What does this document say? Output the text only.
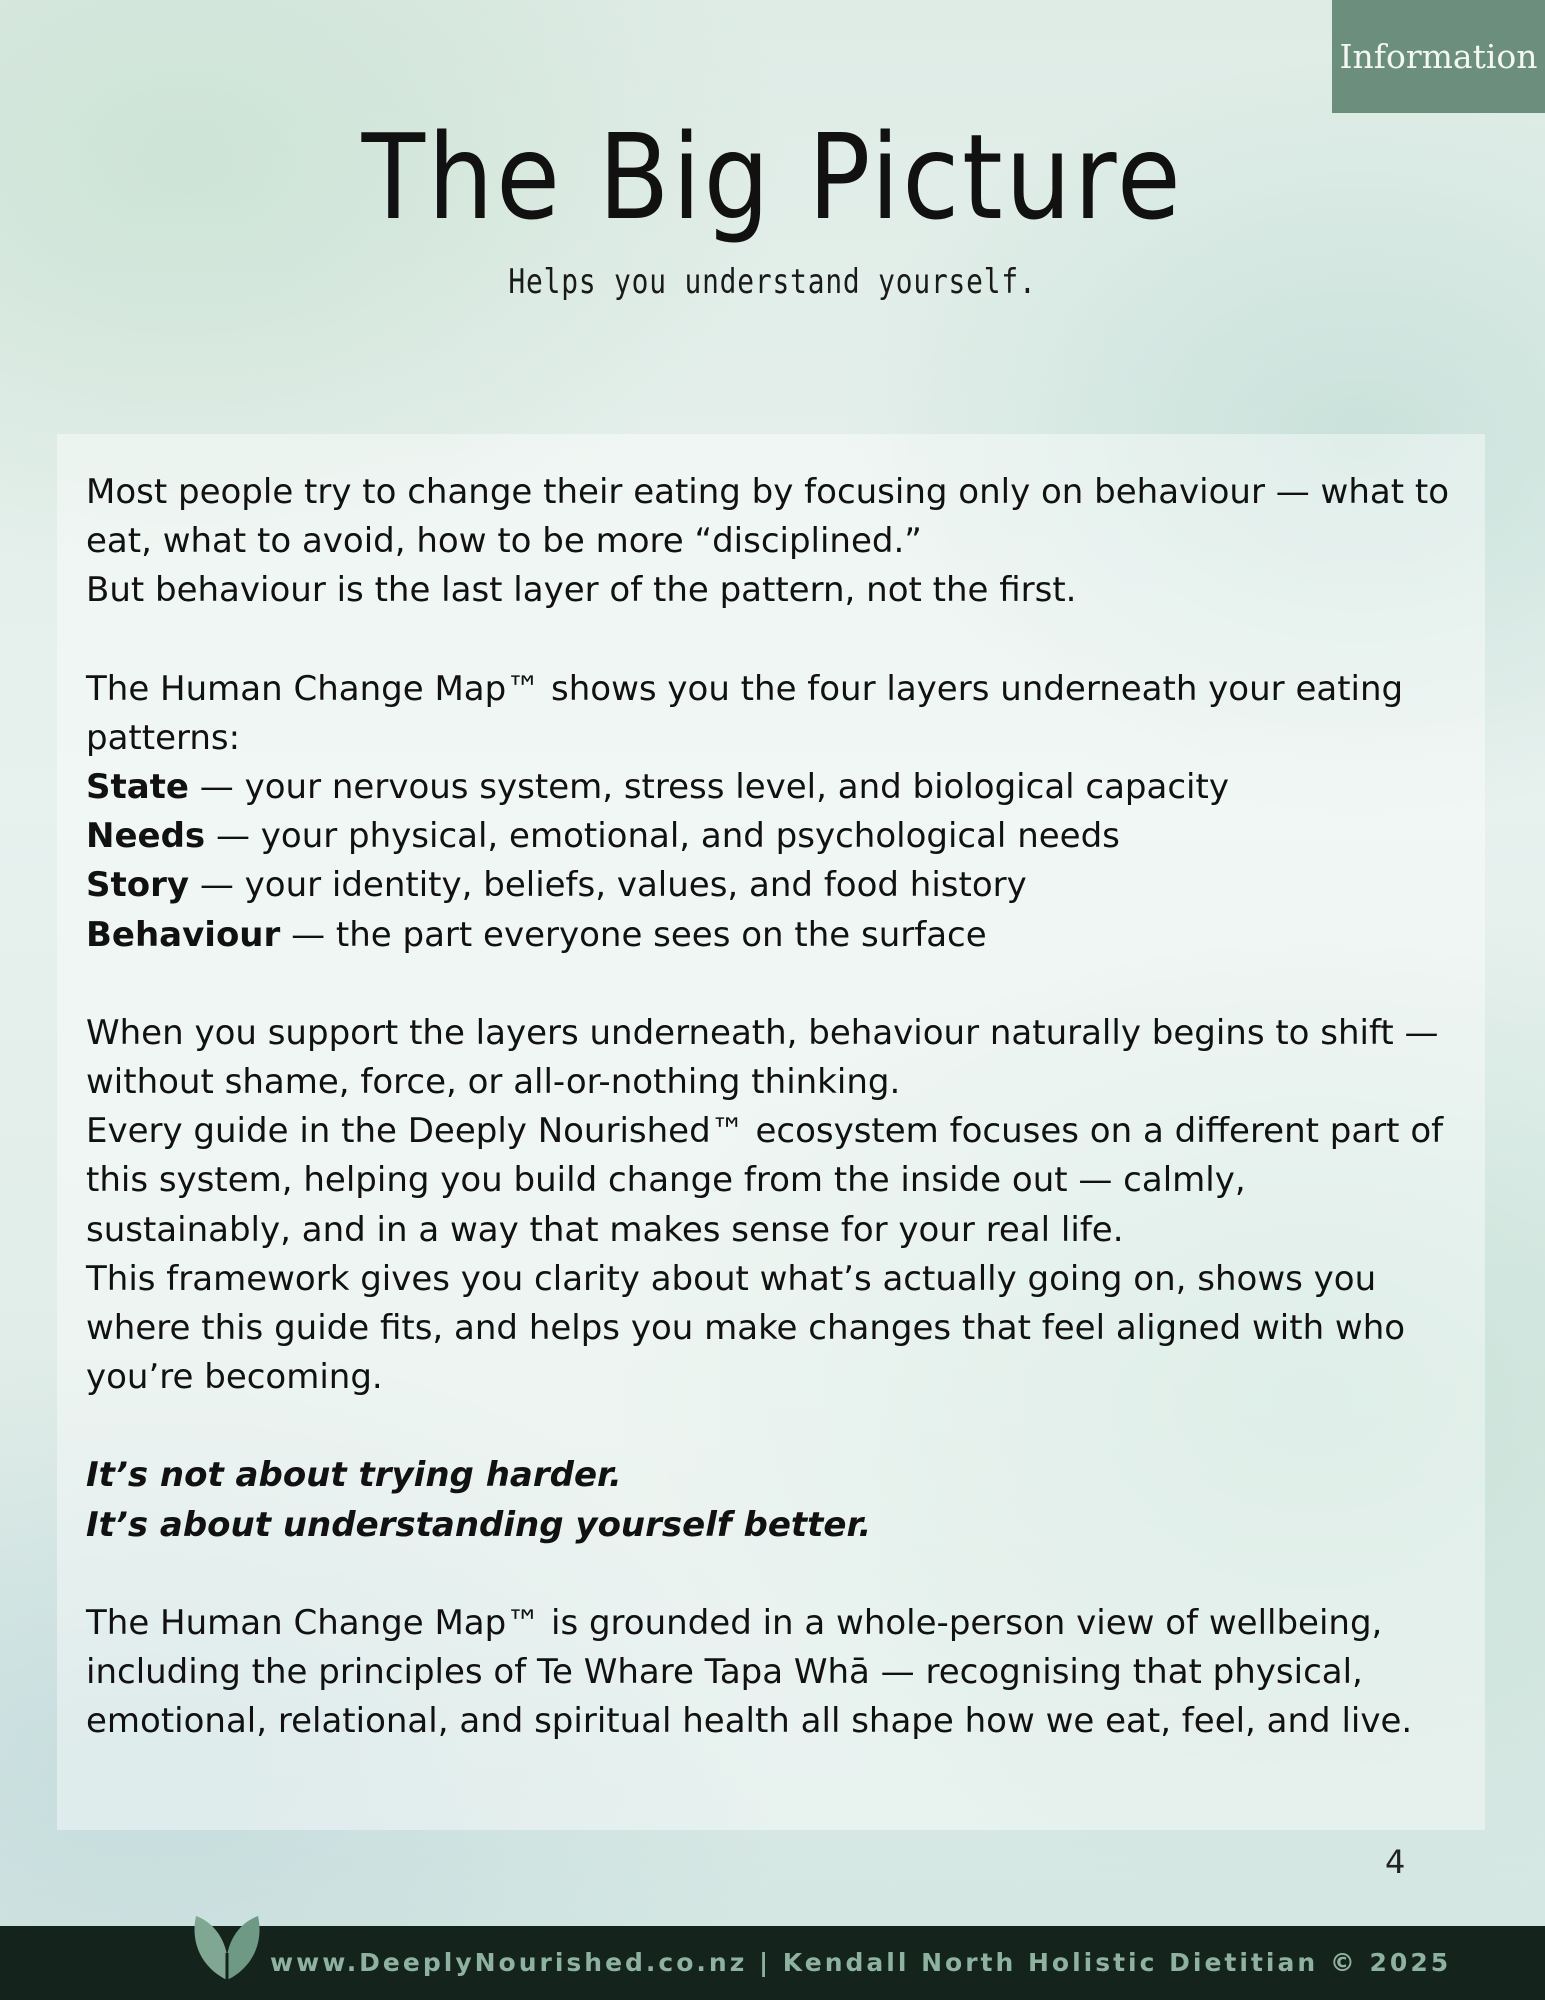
Information
The Big Picture
Helps you understand yourself.

Most people try to change their eating by focusing only on behaviour — what to

eat, what to avoid, how to be more “disciplined.”

But behaviour is the last layer of the pattern, not the first.

The Human Change Map™ shows you the four layers underneath your eating

patterns:

State — your nervous system, stress level, and biological capacity

Needs — your physical, emotional, and psychological needs

Story — your identity, beliefs, values, and food history

Behaviour — the part everyone sees on the surface

When you support the layers underneath, behaviour naturally begins to shift —

without shame, force, or all-or-nothing thinking.

Every guide in the Deeply Nourished™ ecosystem focuses on a different part of

this system, helping you build change from the inside out — calmly,

sustainably, and in a way that makes sense for your real life.

This framework gives you clarity about what’s actually going on, shows you

where this guide fits, and helps you make changes that feel aligned with who

you’re becoming.

It’s not about trying harder.

It’s about understanding yourself better.

The Human Change Map™ is grounded in a whole-person view of wellbeing,

including the principles of Te Whare Tapa Whā — recognising that physical,

emotional, relational, and spiritual health all shape how we eat, feel, and live.

4
www.DeeplyNourished.co.nz | Kendall North Holistic Dietitian © 2025
